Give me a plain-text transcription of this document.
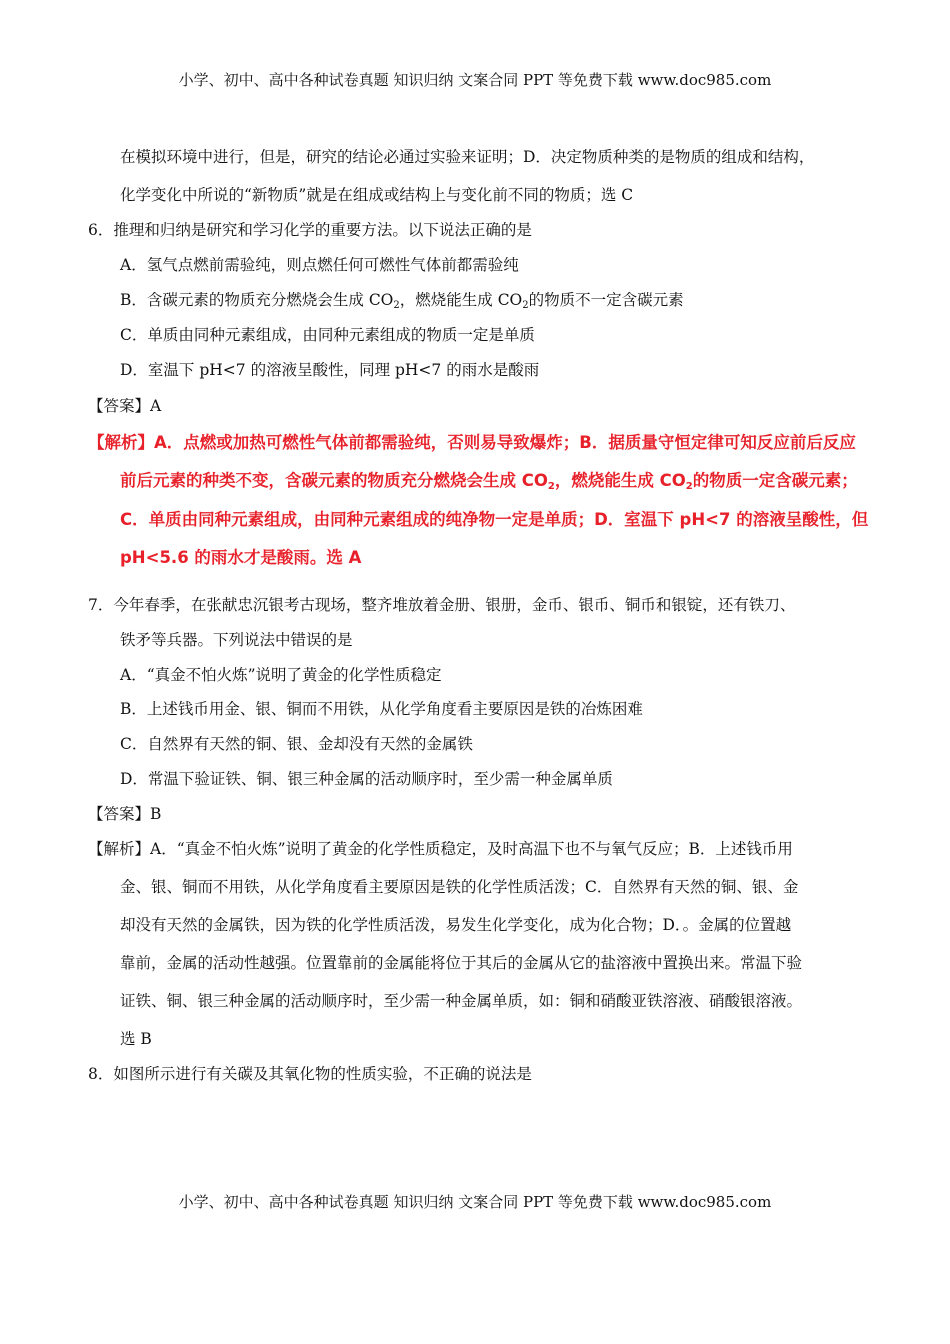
小学、初中、高中各种试卷真题 知识归纳 文案合同 PPT 等免费下载 www.doc985.com
在模拟环境中进行，但是，研究的结论必通过实验来证明；D．决定物质种类的是物质的组成和结构，
化学变化中所说的“新物质”就是在组成或结构上与变化前不同的物质；选 C
6．推理和归纳是研究和学习化学的重要方法。以下说法正确的是
A．氢气点燃前需验纯，则点燃任何可燃性气体前都需验纯
B．含碳元素的物质充分燃烧会生成 $CO_2$，燃烧能生成 $CO_2$的物质不一定含碳元素
C．单质由同种元素组成，由同种元素组成的物质一定是单质
D．室温下 pH<7 的溶液呈酸性，同理 pH<7 的雨水是酸雨
【答案】A
【解析】A．点燃或加热可燃性气体前都需验纯，否则易导致爆炸；B．据质量守恒定律可知反应前后反应
前后元素的种类不变，含碳元素的物质充分燃烧会生成 $CO_2$，燃烧能生成 $CO_2$的物质一定含碳元素；
C．单质由同种元素组成，由同种元素组成的纯净物一定是单质；D．室温下 pH<7 的溶液呈酸性，但
pH<5.6 的雨水才是酸雨。选 A
7．今年春季，在张献忠沉银考古现场，整齐堆放着金册、银册，金币、银币、铜币和银锭，还有铁刀、
铁矛等兵器。下列说法中错误的是
A．“真金不怕火炼”说明了黄金的化学性质稳定
B．上述钱币用金、银、铜而不用铁，从化学角度看主要原因是铁的冶炼困难
C．自然界有天然的铜、银、金却没有天然的金属铁
D．常温下验证铁、铜、银三种金属的活动顺序时，至少需一种金属单质
【答案】B
【解析】A．“真金不怕火炼”说明了黄金的化学性质稳定，及时高温下也不与氧气反应；B．上述钱币用
金、银、铜而不用铁，从化学角度看主要原因是铁的化学性质活泼；C．自然界有天然的铜、银、金
却没有天然的金属铁，因为铁的化学性质活泼，易发生化学变化，成为化合物；D．。金属的位置越
靠前，金属的活动性越强。位置靠前的金属能将位于其后的金属从它的盐溶液中置换出来。常温下验
证铁、铜、银三种金属的活动顺序时，至少需一种金属单质，如：铜和硝酸亚铁溶液、硝酸银溶液。
选 B
8．如图所示进行有关碳及其氧化物的性质实验，不正确的说法是
小学、初中、高中各种试卷真题 知识归纳 文案合同 PPT 等免费下载 www.doc985.com
